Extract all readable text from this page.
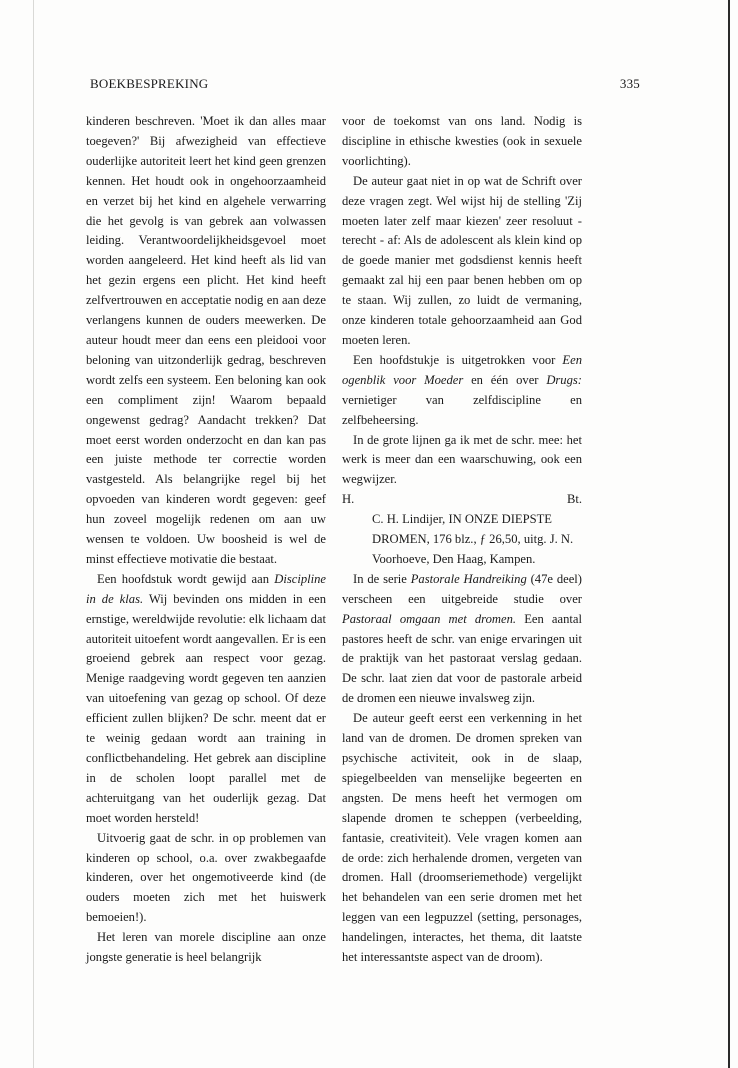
BOEKBESPREKING	335

kinderen beschreven. 'Moet ik dan alles maar toegeven?' Bij afwezigheid van effectieve ouderlijke autoriteit leert het kind geen grenzen kennen. Het houdt ook in ongehoorzaamheid en verzet bij het kind en algehele verwarring die het gevolg is van gebrek aan volwassen leiding. Verantwoordelijkheidsgevoel moet worden aangeleerd. Het kind heeft als lid van het gezin ergens een plicht. Het kind heeft zelfvertrouwen en acceptatie nodig en aan deze verlangens kunnen de ouders meewerken. De auteur houdt meer dan eens een pleidooi voor beloning van uitzonderlijk gedrag, beschreven wordt zelfs een systeem. Een beloning kan ook een compliment zijn! Waarom bepaald ongewenst gedrag? Aandacht trekken? Dat moet eerst worden onderzocht en dan kan pas een juiste methode ter correctie worden vastgesteld. Als belangrijke regel bij het opvoeden van kinderen wordt gegeven: geef hun zoveel mogelijk redenen om aan uw wensen te voldoen. Uw boosheid is wel de minst effectieve motivatie die bestaat.

Een hoofdstuk wordt gewijd aan Discipline in de klas. Wij bevinden ons midden in een ernstige, wereldwijde revolutie: elk lichaam dat autoriteit uitoefent wordt aangevallen. Er is een groeiend gebrek aan respect voor gezag. Menige raadgeving wordt gegeven ten aanzien van uitoefening van gezag op school. Of deze efficient zullen blijken? De schr. meent dat er te weinig gedaan wordt aan training in conflictbehandeling. Het gebrek aan discipline in de scholen loopt parallel met de achteruitgang van het ouderlijk gezag. Dat moet worden hersteld!

Uitvoerig gaat de schr. in op problemen van kinderen op school, o.a. over zwakbegaafde kinderen, over het ongemotiveerde kind (de ouders moeten zich met het huiswerk bemoeien!).

Het leren van morele discipline aan onze jongste generatie is heel belangrijk

voor de toekomst van ons land. Nodig is discipline in ethische kwesties (ook in sexuele voorlichting).

De auteur gaat niet in op wat de Schrift over deze vragen zegt. Wel wijst hij de stelling 'Zij moeten later zelf maar kiezen' zeer resoluut - terecht - af: Als de adolescent als klein kind op de goede manier met godsdienst kennis heeft gemaakt zal hij een paar benen hebben om op te staan. Wij zullen, zo luidt de vermaning, onze kinderen totale gehoorzaamheid aan God moeten leren.

Een hoofdstukje is uitgetrokken voor Een ogenblik voor Moeder en één over Drugs: vernietiger van zelfdiscipline en zelfbeheersing.

In de grote lijnen ga ik met de schr. mee: het werk is meer dan een waarschuwing, ook een wegwijzer.

H.	Bt.

C. H. Lindijer, IN ONZE DIEPSTE DROMEN, 176 blz., ƒ 26,50, uitg. J. N. Voorhoeve, Den Haag, Kampen.

In de serie Pastorale Handreiking (47e deel) verscheen een uitgebreide studie over Pastoraal omgaan met dromen. Een aantal pastores heeft de schr. van enige ervaringen uit de praktijk van het pastoraat verslag gedaan. De schr. laat zien dat voor de pastorale arbeid de dromen een nieuwe invalsweg zijn.

De auteur geeft eerst een verkenning in het land van de dromen. De dromen spreken van psychische activiteit, ook in de slaap, spiegelbeelden van menselijke begeerten en angsten. De mens heeft het vermogen om slapende dromen te scheppen (verbeelding, fantasie, creativiteit). Vele vragen komen aan de orde: zich herhalende dromen, vergeten van dromen. Hall (droomseriemethode) vergelijkt het behandelen van een serie dromen met het leggen van een legpuzzel (setting, personages, handelingen, interactes, het thema, dit laatste het interessantste aspect van de droom).
